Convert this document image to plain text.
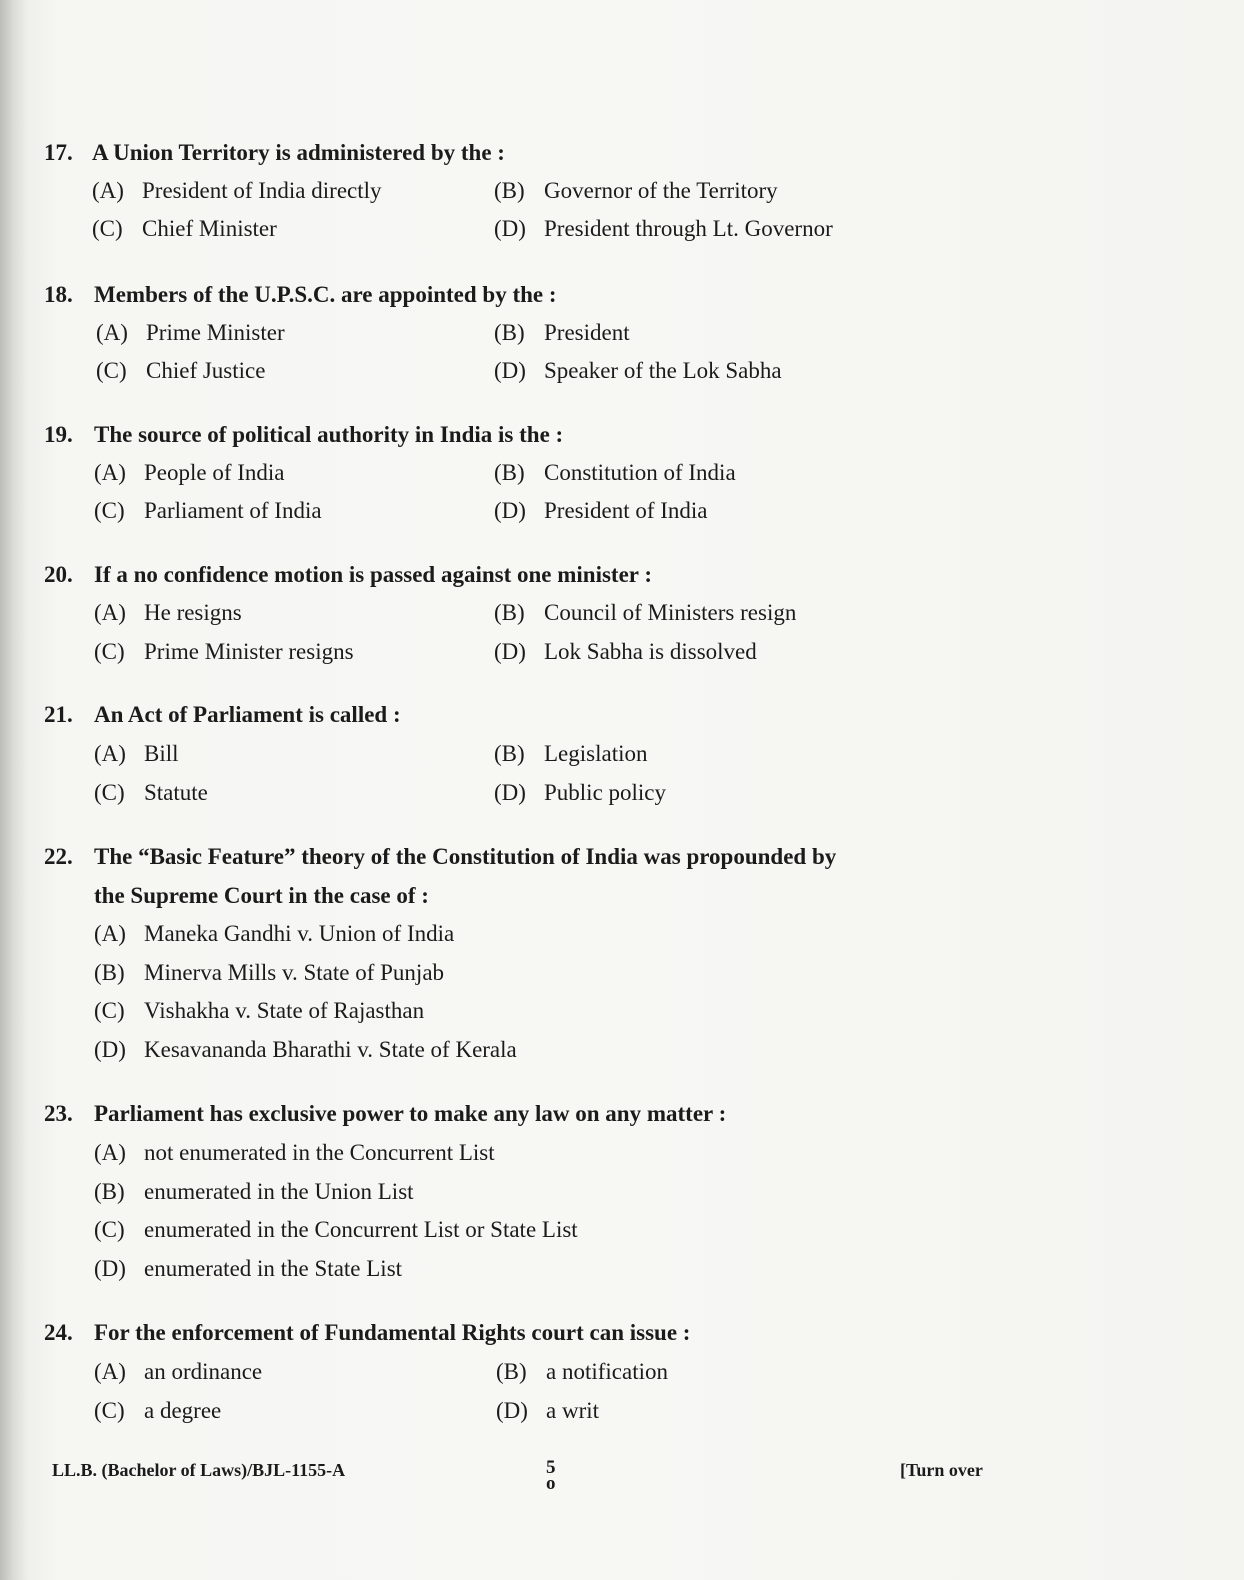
17. A Union Territory is administered by the :
(A) President of India directly	(B) Governor of the Territory
(C) Chief Minister	(D) President through Lt. Governor
18. Members of the U.P.S.C. are appointed by the :
(A) Prime Minister	(B) President
(C) Chief Justice	(D) Speaker of the Lok Sabha
19. The source of political authority in India is the :
(A) People of India	(B) Constitution of India
(C) Parliament of India	(D) President of India
20. If a no confidence motion is passed against one minister :
(A) He resigns	(B) Council of Ministers resign
(C) Prime Minister resigns	(D) Lok Sabha is dissolved
21. An Act of Parliament is called :
(A) Bill	(B) Legislation
(C) Statute	(D) Public policy
22. The “Basic Feature” theory of the Constitution of India was propounded by
the Supreme Court in the case of :
(A) Maneka Gandhi v. Union of India
(B) Minerva Mills v. State of Punjab
(C) Vishakha v. State of Rajasthan
(D) Kesavananda Bharathi v. State of Kerala
23. Parliament has exclusive power to make any law on any matter :
(A) not enumerated in the Concurrent List
(B) enumerated in the Union List
(C) enumerated in the Concurrent List or State List
(D) enumerated in the State List
24. For the enforcement of Fundamental Rights court can issue :
(A) an ordinance	(B) a notification
(C) a degree	(D) a writ
LL.B. (Bachelor of Laws)/BJL-1155-A	5
o
[Turn over
